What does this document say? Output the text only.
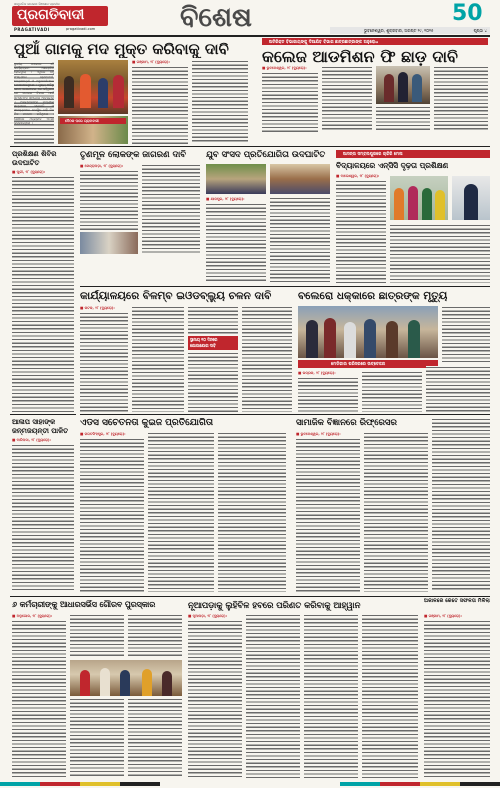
ସାମ୍ପ୍ରତିକ ଜାଗରଣ ଜିଜ୍ଞାସାର ପ୍ରତୀକ
ପ୍ରଗତିବାଦୀ
PRAGATIVADI	pragativadi.com	ବିଶେଷ	50
ଭୁବନେଶ୍ୱର, ଶୁକ୍ରବାର, ଅଗଷ୍ଟ ୨୯, ୨୦୨୫	ପୃଷ୍ଠା ୪
ପୁଆଁ ଗାମକୁ ମଦ ମୁକ୍ତ କରିବାକୁ ଦାବି	ଅତିରିକ୍ତ ବିଭାଗୀୟଙ୍କୁ ଦିଆଯିବ ବିଭାଗ ଛାତ୍ରଛାତ୍ରୀଙ୍କ ଅନୁରୋଧ
କଲେଜ ଆଡମିଶନ ଫି ଛାଡ଼ ଦାବି
ସ୍ଥାନୀୟ ଅଞ୍ଚଳରେ ଏହି କାର୍ଯ୍ୟକ୍ରମ ଆୟୋଜିତ ହୋଇଥିଲା । ଏଥିରେ ବହୁ ସଂଖ୍ୟାରେ ଗ୍ରାମବାସୀ, ଛାତ୍ରଛାତ୍ରୀ ଓ ଅଧିକାରୀମାନେ ଯୋଗଦେଇଥିଲେ । ମୁଖ୍ୟ ଅତିଥି ଭାବେ ଯୋଗଦେଇ ସେ କହିଥିଲେ ଯେ ସମାଜର ବିକାଶ ପାଇଁ ସମସ୍ତଙ୍କ ସହଯୋଗ ଆବଶ୍ୟକ । ଅନ୍ୟମାନଙ୍କ ମଧ୍ୟରେ ସମ୍ପାଦକ, ସଭାପତି ଓ ସଦସ୍ୟମାନେ ଉପସ୍ଥିତ ରହି ନିଜ ନିଜ ମତାମତ ରଖିଥିଲେ । ଶେଷରେ ଧନ୍ୟବାଦ ଅର୍ପଣ କରାଯାଇଥିଲା ।	ବୈଠକ ପରେ ଗ୍ରାମବାସୀ
■ ଗଞ୍ଜାମ, ୨୮ (ବ୍ୟୁରୋ):
■ ଭୁବନେଶ୍ୱର, ୨୮ (ବ୍ୟୁରୋ):
ପ୍ରଶିକ୍ଷଣ ଶିବିର ଉଦଘାଟିତ
■ ପୁରୀ, ୨୮ (ବ୍ୟୁରୋ):
ତୃଣମୂଳ ଲୋକଙ୍କ ଜାଗରଣ ଦାବି
■ କେନ୍ଦ୍ରାପଡ଼ା, ୨୮ (ବ୍ୟୁରୋ):
ଯୁବ ସଂସଦ ପ୍ରତିଯୋଗିତା ଉଦଘାଟିତ
■ ଯାଜପୁର, ୨୮ (ବ୍ୟୁରୋ):
ଆସନ୍ତା ସମ୍ବଲପୁରରେ ଚାକିରି ମେଳା
ବିଦ୍ୟାଳୟରେ ଏନ୍‌ସିସି ଦୃଢ଼ତା ପ୍ରଶିକ୍ଷଣ
■ ବାଲେଶ୍ୱର, ୨୮ (ବ୍ୟୁରୋ):
କାର୍ଯ୍ୟାଳୟରେ ବିଳମ୍ବ ଇଓଡବ୍ଲ୍ୟୁ ଚଳନ ଦାବି
■ କଟକ, ୨୮ (ବ୍ୟୁରୋ):
ସ୍ଥାନୀୟ ୧୦ ଦିନରେ ଯୋଗାଯୋଗ ଦାବି
ବଲେରୋ ଧକ୍କାରେ ଛାତ୍ରଙ୍କ ମୃତ୍ୟୁ
ମେଡିକାଲ ପରିସରରେ ଉତ୍ତେଜନା
■ ଭଦ୍ରକ, ୨୮ (ବ୍ୟୁରୋ):
ଆଳାପ ସାହାଙ୍କ ଜନ୍ମଜୟନ୍ତୀ ପାଳିତ
■ ବାରିପଦା, ୨୮ (ବ୍ୟୁରୋ):
ଏଡସ ସଚେତନତା କୁଇଜ ପ୍ରତିଯୋଗିତା
■ ଜଗତସିଂହପୁର, ୨୮ (ବ୍ୟୁରୋ):
ସାମାଜିକ ବିଜ୍ଞାନରେ ରିଫ୍ରେସର
■ ଭୁବନେଶ୍ୱର, ୨୮ (ବ୍ୟୁରୋ):
୬ କର୍ମଚାରୀଙ୍କୁ ଆଧାରସର୍ଭିସ ଗୌରବ ପୁରସ୍କାର
■ ଅନୁଗୋଳ, ୨୮ (ବ୍ୟୁରୋ):
ନୂଆପଡ଼ାକୁ ଲୁହିବିଳ ହବରେ ପରିଣତ କରିବାକୁ ଆହ୍ୱାନ
■ ନୂଆପଡ଼ା, ୨୮ (ବ୍ୟୁରୋ):
ଅକାଳରେ କେତେ ସଫଳତା ମିଳିଲା
■ ଗଞ୍ଜାମ, ୨୮ (ବ୍ୟୁରୋ):
